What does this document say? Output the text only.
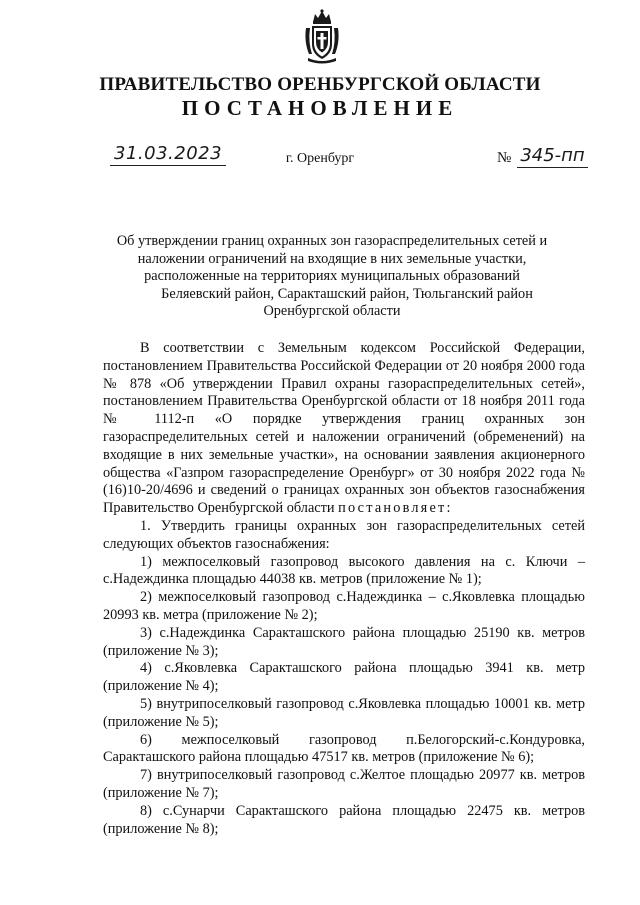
ПРАВИТЕЛЬСТВО ОРЕНБУРГСКОЙ ОБЛАСТИ
ПОСТАНОВЛЕНИЕ
31.03.2023	г. Оренбург	№ 345-пп
Об утверждении границ охранных зон газораспределительных сетей и
наложении ограничений на входящие в них земельные участки,
расположенные на территориях муниципальных образований
Беляевский район, Саракташский район, Тюльганский район
Оренбургской области

В соответствии с Земельным кодексом Российской Федерации, постановлением Правительства Российской Федерации от 20 ноября 2000 года № 878 «Об утверждении Правил охраны газораспределительных сетей», постановлением Правительства Оренбургской области от 18 ноября 2011 года № 1112-п «О порядке утверждения границ охранных зон газораспределительных сетей и наложении ограничений (обременений) на входящие в них земельные участки», на основании заявления акционерного общества «Газпром газораспределение Оренбург» от 30 ноября 2022 года № (16)10-20/4696 и сведений о границах охранных зон объектов газоснабжения Правительство Оренбургской области постановляет:

1. Утвердить границы охранных зон газораспределительных сетей следующих объектов газоснабжения:

1) межпоселковый газопровод высокого давления на с. Ключи – с.Надеждинка площадью 44038 кв. метров (приложение № 1);

2) межпоселковый газопровод с.Надеждинка – с.Яковлевка площадью 20993 кв. метра (приложение № 2);

3) с.Надеждинка Саракташского района площадью 25190 кв. метров (приложение № 3);

4) с.Яковлевка Саракташского района площадью 3941 кв. метр (приложение № 4);

5) внутрипоселковый газопровод с.Яковлевка площадью 10001 кв. метр (приложение № 5);

6) межпоселковый газопровод п.Белогорский-с.Кондуровка, Саракташского района площадью 47517 кв. метров (приложение № 6);

7) внутрипоселковый газопровод с.Желтое площадью 20977 кв. метров (приложение № 7);

8) с.Сунарчи Саракташского района площадью 22475 кв. метров (приложение № 8);
